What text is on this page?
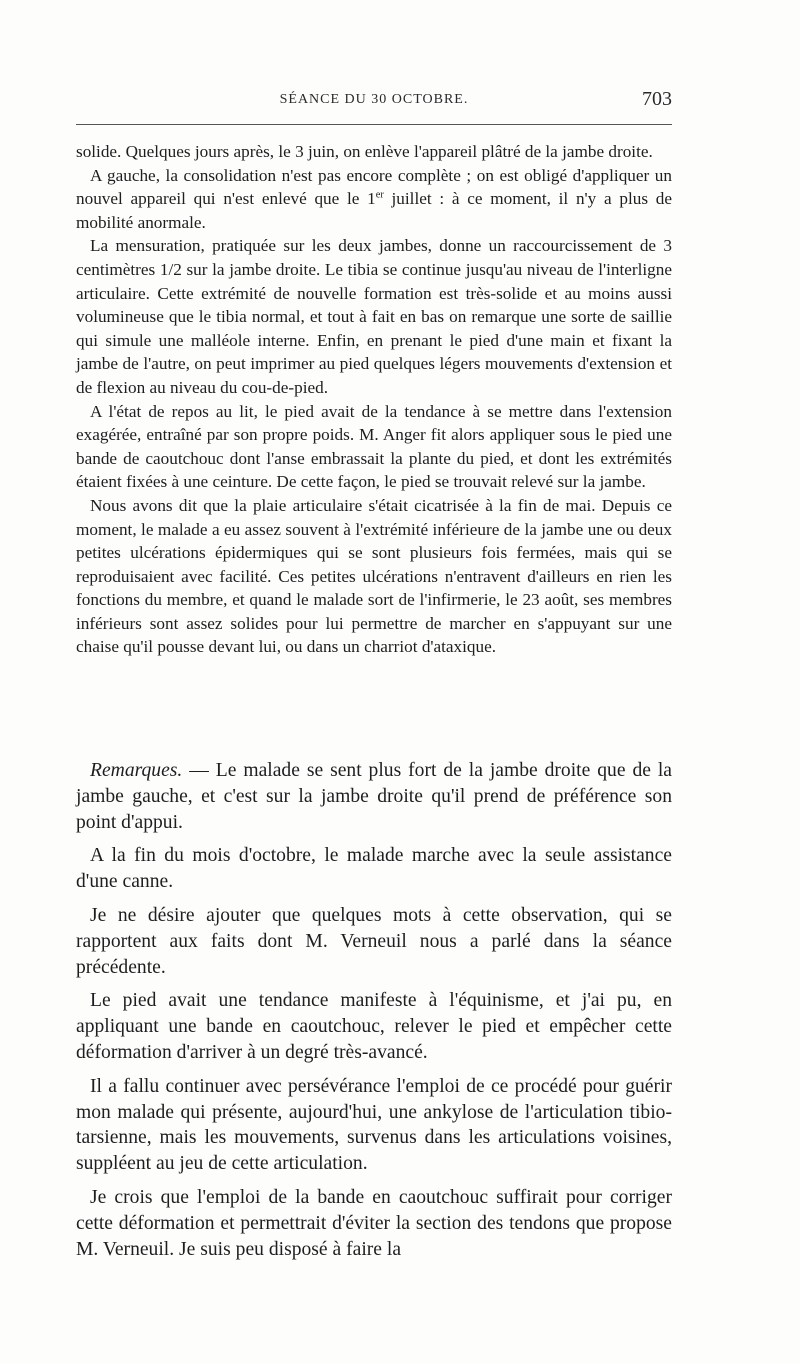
SÉANCE DU 30 OCTOBRE.	703

solide. Quelques jours après, le 3 juin, on enlève l'appareil plâtré de la jambe droite.

A gauche, la consolidation n'est pas encore complète ; on est obligé d'appliquer un nouvel appareil qui n'est enlevé que le 1er juillet : à ce moment, il n'y a plus de mobilité anormale.

La mensuration, pratiquée sur les deux jambes, donne un raccourcissement de 3 centimètres 1/2 sur la jambe droite. Le tibia se continue jusqu'au niveau de l'interligne articulaire. Cette extrémité de nouvelle formation est très-solide et au moins aussi volumineuse que le tibia normal, et tout à fait en bas on remarque une sorte de saillie qui simule une malléole interne. Enfin, en prenant le pied d'une main et fixant la jambe de l'autre, on peut imprimer au pied quelques légers mouvements d'extension et de flexion au niveau du cou-de-pied.

A l'état de repos au lit, le pied avait de la tendance à se mettre dans l'extension exagérée, entraîné par son propre poids. M. Anger fit alors appliquer sous le pied une bande de caoutchouc dont l'anse embrassait la plante du pied, et dont les extrémités étaient fixées à une ceinture. De cette façon, le pied se trouvait relevé sur la jambe.

Nous avons dit que la plaie articulaire s'était cicatrisée à la fin de mai. Depuis ce moment, le malade a eu assez souvent à l'extrémité inférieure de la jambe une ou deux petites ulcérations épidermiques qui se sont plusieurs fois fermées, mais qui se reproduisaient avec facilité. Ces petites ulcérations n'entravent d'ailleurs en rien les fonctions du membre, et quand le malade sort de l'infirmerie, le 23 août, ses membres inférieurs sont assez solides pour lui permettre de marcher en s'appuyant sur une chaise qu'il pousse devant lui, ou dans un charriot d'ataxique.

Remarques. — Le malade se sent plus fort de la jambe droite que de la jambe gauche, et c'est sur la jambe droite qu'il prend de préférence son point d'appui.

A la fin du mois d'octobre, le malade marche avec la seule assistance d'une canne.

Je ne désire ajouter que quelques mots à cette observation, qui se rapportent aux faits dont M. Verneuil nous a parlé dans la séance précédente.

Le pied avait une tendance manifeste à l'équinisme, et j'ai pu, en appliquant une bande en caoutchouc, relever le pied et empêcher cette déformation d'arriver à un degré très-avancé.

Il a fallu continuer avec persévérance l'emploi de ce procédé pour guérir mon malade qui présente, aujourd'hui, une ankylose de l'articulation tibio-tarsienne, mais les mouvements, survenus dans les articulations voisines, suppléent au jeu de cette articulation.

Je crois que l'emploi de la bande en caoutchouc suffirait pour corriger cette déformation et permettrait d'éviter la section des tendons que propose M. Verneuil. Je suis peu disposé à faire la
